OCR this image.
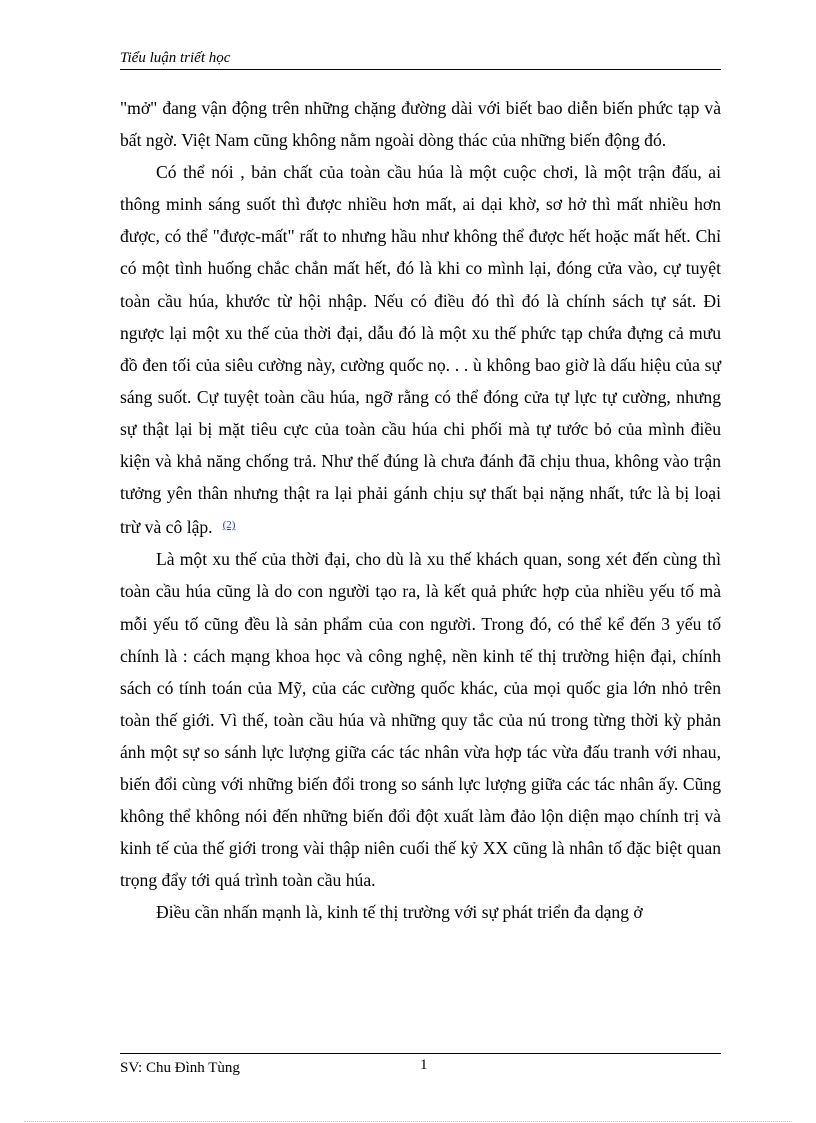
Tiểu luận triết học

"mở" đang vận động trên những chặng đường dài với biết bao diễn biến phức tạp và bất ngờ. Việt Nam cũng không nằm ngoài dòng thác của những biến động đó.

Có thể nói , bản chất của toàn cầu húa là một cuộc chơi, là một trận đấu, ai thông minh sáng suốt thì được nhiều hơn mất, ai dại khờ, sơ hở thì mất nhiều hơn được, có thể "được-mất" rất to nhưng hầu như không thể được hết hoặc mất hết. Chỉ có một tình huống chắc chắn mất hết, đó là khi co mình lại, đóng cửa vào, cự tuyệt toàn cầu húa, khước từ hội nhập. Nếu có điều đó thì đó là chính sách tự sát. Đi ngược lại một xu thế của thời đại, dẫu đó là một xu thế phức tạp chứa đựng cả mưu đồ đen tối của siêu cường này, cường quốc nọ. . . ù không bao giờ là dấu hiệu của sự sáng suốt. Cự tuyệt toàn cầu húa, ngỡ rằng có thể đóng cửa tự lực tự cường, nhưng sự thật lại bị mặt tiêu cực của toàn cầu húa chi phối mà tự tước bỏ của mình điều kiện và khả năng chống trả. Như thế đúng là chưa đánh đã chịu thua, không vào trận tưởng yên thân nhưng thật ra lại phải gánh chịu sự thất bại nặng nhất, tức là bị loại trừ và cô lập. $^{(2)}$

Là một xu thế của thời đại, cho dù là xu thế khách quan, song xét đến cùng thì toàn cầu húa cũng là do con người tạo ra, là kết quả phức hợp của nhiều yếu tố mà mỗi yếu tố cũng đều là sản phẩm của con người. Trong đó, có thể kể đến 3 yếu tố chính là : cách mạng khoa học và công nghệ, nền kinh tế thị trường hiện đại, chính sách có tính toán của Mỹ, của các cường quốc khác, của mọi quốc gia lớn nhỏ trên toàn thế giới. Vì thế, toàn cầu húa và những quy tắc của nú trong từng thời kỳ phản ánh một sự so sánh lực lượng giữa các tác nhân vừa hợp tác vừa đấu tranh với nhau, biến đổi cùng với những biến đổi trong so sánh lực lượng giữa các tác nhân ấy. Cũng không thể không nói đến những biến đổi đột xuất làm đảo lộn diện mạo chính trị và kinh tế của thế giới trong vài thập niên cuối thế kỷ XX cũng là nhân tố đặc biệt quan trọng đẩy tới quá trình toàn cầu húa.

Điều cần nhấn mạnh là, kinh tế thị trường với sự phát triển đa dạng ở

SV: Chu Đình Tùng	1
